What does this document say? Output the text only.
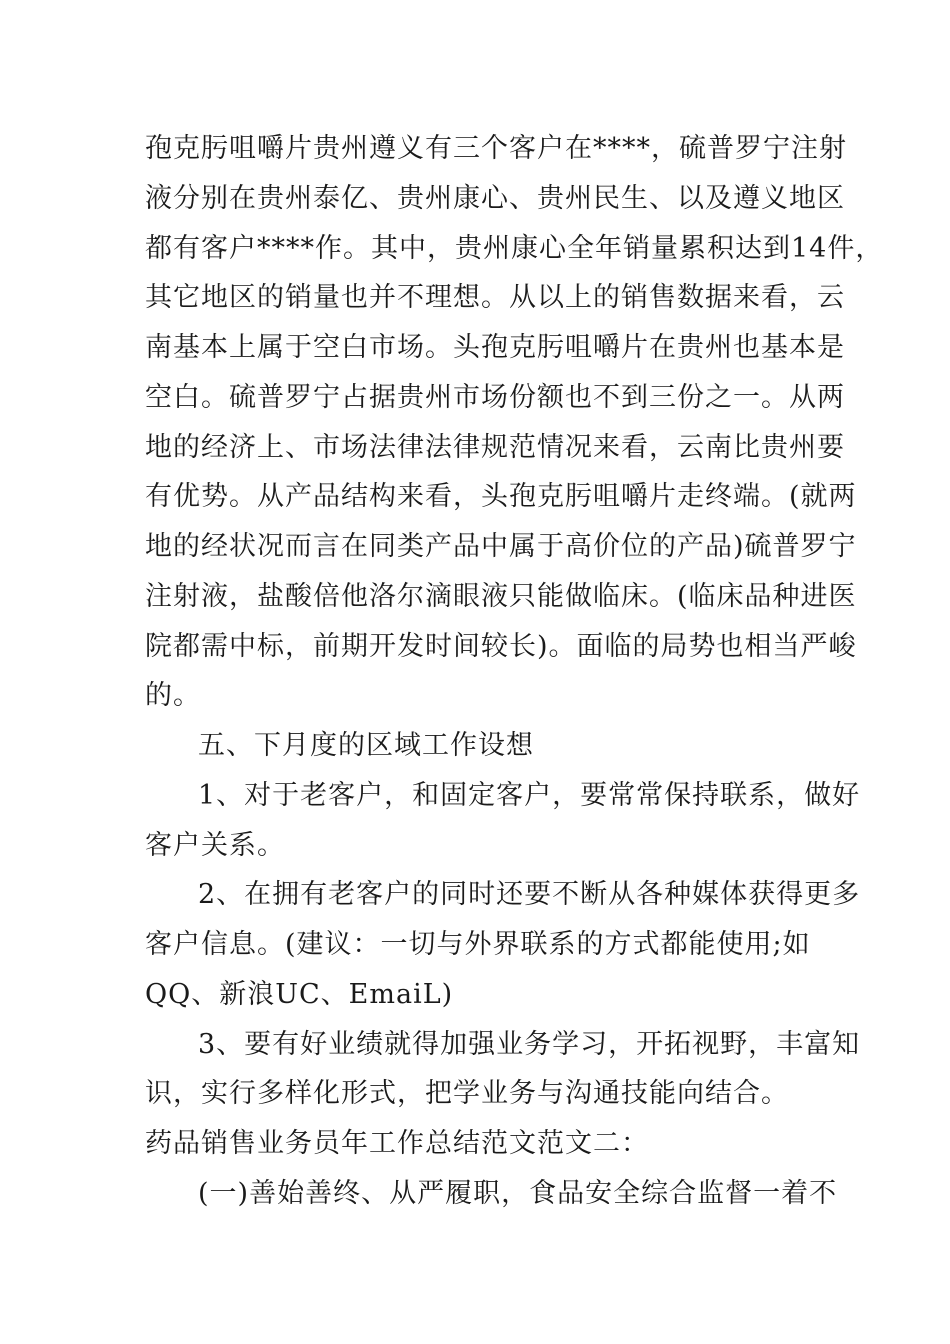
孢克肟咀嚼片贵州遵义有三个客户在****，硫普罗宁注射
液分别在贵州泰亿、贵州康心、贵州民生、以及遵义地区
都有客户****作。其中，贵州康心全年销量累积达到14件，
其它地区的销量也并不理想。从以上的销售数据来看，云
南基本上属于空白市场。头孢克肟咀嚼片在贵州也基本是
空白。硫普罗宁占据贵州市场份额也不到三份之一。从两
地的经济上、市场法律法律规范情况来看，云南比贵州要
有优势。从产品结构来看，头孢克肟咀嚼片走终端。(就两
地的经状况而言在同类产品中属于高价位的产品)硫普罗宁
注射液，盐酸倍他洛尔滴眼液只能做临床。(临床品种进医
院都需中标，前期开发时间较长)。面临的局势也相当严峻
的。
五、下月度的区域工作设想
1、对于老客户，和固定客户，要常常保持联系，做好
客户关系。
2、在拥有老客户的同时还要不断从各种媒体获得更多
客户信息。(建议：一切与外界联系的方式都能使用;如
QQ、新浪UC、EmaiL)
3、要有好业绩就得加强业务学习，开拓视野，丰富知
识，实行多样化形式，把学业务与沟通技能向结合。
药品销售业务员年工作总结范文范文二：
(一)善始善终、从严履职，食品安全综合监督一着不
